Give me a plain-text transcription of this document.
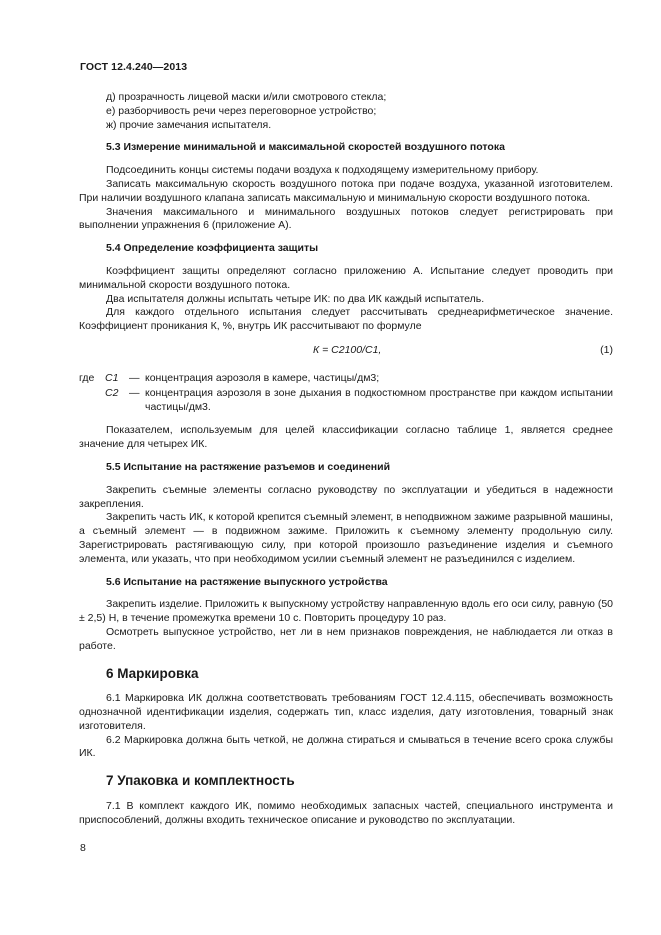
ГОСТ 12.4.240—2013

д) прозрачность лицевой маски и/или смотрового стекла;

е) разборчивость речи через переговорное устройство;

ж) прочие замечания испытателя.

5.3 Измерение минимальной и максимальной скоростей воздушного потока

Подсоединить концы системы подачи воздуха к подходящему измерительному прибору.

Записать максимальную скорость воздушного потока при подаче воздуха, указанной изготовителем. При наличии воздушного клапана записать максимальную и минимальную скорости воздушного потока.

Значения максимального и минимального воздушных потоков следует регистрировать при выполнении упражнения 6 (приложение А).

5.4 Определение коэффициента защиты

Коэффициент защиты определяют согласно приложению А. Испытание следует проводить при минимальной скорости воздушного потока.

Два испытателя должны испытать четыре ИК: по два ИК каждый испытатель.

Для каждого отдельного испытания следует рассчитывать среднеарифметическое значение. Коэффициент проникания К, %, внутрь ИК рассчитывают по формуле

К = С2100/С1,	(1)
где	С1	— концентрация аэрозоля в камере, частицы/дм3;
С2	— концентрация аэрозоля в зоне дыхания в подкостюмном пространстве при каждом испытании частицы/дм3.

Показателем, используемым для целей классификации согласно таблице 1, является среднее значение для четырех ИК.

5.5 Испытание на растяжение разъемов и соединений

Закрепить съемные элементы согласно руководству по эксплуатации и убедиться в надежности закрепления.

Закрепить часть ИК, к которой крепится съемный элемент, в неподвижном зажиме разрывной машины, а съемный элемент — в подвижном зажиме. Приложить к съемному элементу продольную силу. Зарегистрировать растягивающую силу, при которой произошло разъединение изделия и съемного элемента, или указать, что при необходимом усилии съемный элемент не разъединился с изделием.

5.6 Испытание на растяжение выпускного устройства

Закрепить изделие. Приложить к выпускному устройству направленную вдоль его оси силу, равную (50 ± 2,5) Н, в течение промежутка времени 10 с. Повторить процедуру 10 раз.

Осмотреть выпускное устройство, нет ли в нем признаков повреждения, не наблюдается ли отказ в работе.

6 Маркировка

6.1 Маркировка ИК должна соответствовать требованиям ГОСТ 12.4.115, обеспечивать возможность однозначной идентификации изделия, содержать тип, класс изделия, дату изготовления, товарный знак изготовителя.

6.2 Маркировка должна быть четкой, не должна стираться и смываться в течение всего срока службы ИК.

7 Упаковка и комплектность

7.1 В комплект каждого ИК, помимо необходимых запасных частей, специального инструмента и приспособлений, должны входить техническое описание и руководство по эксплуатации.

8
